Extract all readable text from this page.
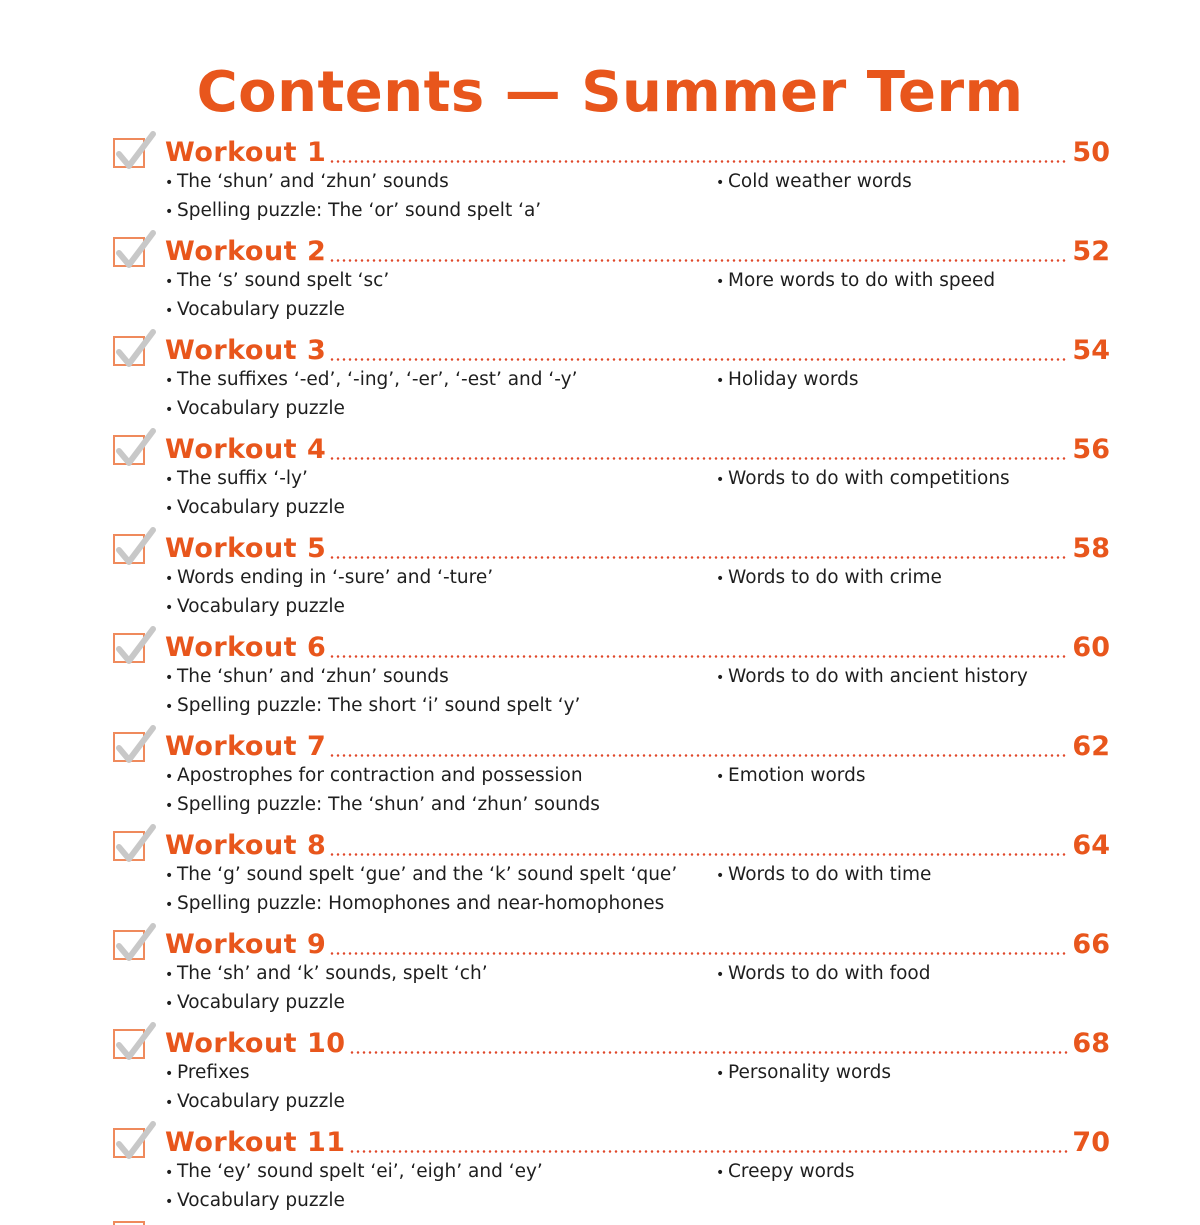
Contents — Summer Term
Workout 1	50
• The ‘shun’ and ‘zhun’ sounds
• Spelling puzzle: The ‘or’ sound spelt ‘a’
• Cold weather words
Workout 2	52
• The ‘s’ sound spelt ‘sc’
• Vocabulary puzzle
• More words to do with speed
Workout 3	54
• The suffixes ‘-ed’, ‘-ing’, ‘-er’, ‘-est’ and ‘-y’
• Vocabulary puzzle
• Holiday words
Workout 4	56
• The suffix ‘-ly’
• Vocabulary puzzle
• Words to do with competitions
Workout 5	58
• Words ending in ‘-sure’ and ‘-ture’
• Vocabulary puzzle
• Words to do with crime
Workout 6	60
• The ‘shun’ and ‘zhun’ sounds
• Spelling puzzle: The short ‘i’ sound spelt ‘y’
• Words to do with ancient history
Workout 7	62
• Apostrophes for contraction and possession
• Spelling puzzle: The ‘shun’ and ‘zhun’ sounds
• Emotion words
Workout 8	64
• The ‘g’ sound spelt ‘gue’ and the ‘k’ sound spelt ‘que’
• Spelling puzzle: Homophones and near-homophones
• Words to do with time
Workout 9	66
• The ‘sh’ and ‘k’ sounds, spelt ‘ch’
• Vocabulary puzzle
• Words to do with food
Workout 10	68
• Prefixes
• Vocabulary puzzle
• Personality words
Workout 11	70
• The ‘ey’ sound spelt ‘ei’, ‘eigh’ and ‘ey’
• Vocabulary puzzle
• Creepy words
